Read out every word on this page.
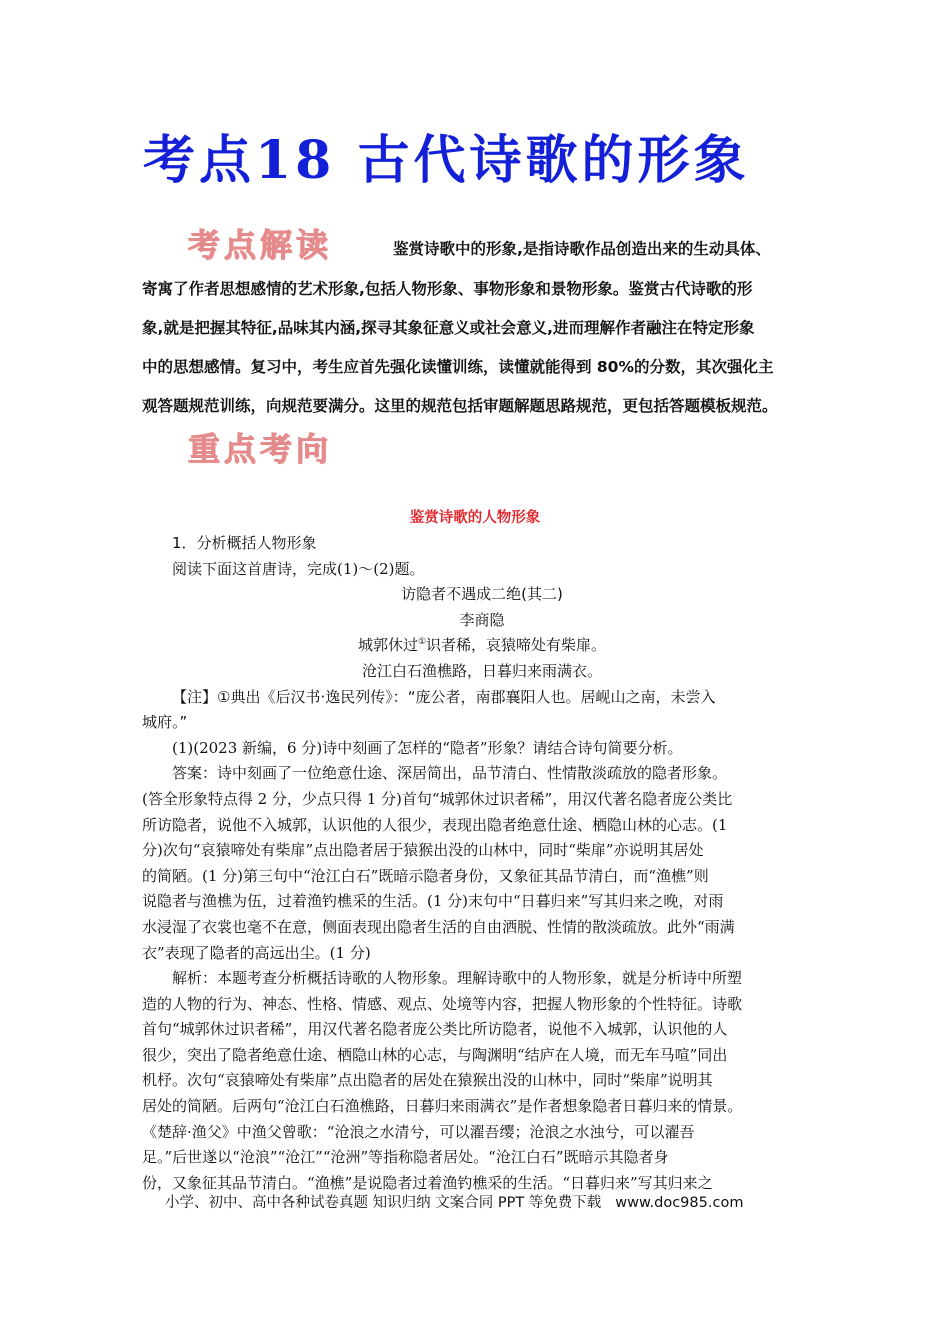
考点18 古代诗歌的形象
考点解读	鉴赏诗歌中的形象,是指诗歌作品创造出来的生动具体、

寄寓了作者思想感情的艺术形象,包括人物形象、事物形象和景物形象。鉴赏古代诗歌的形

象,就是把握其特征,品味其内涵,探寻其象征意义或社会意义,进而理解作者融注在特定形象

中的思想感情。复习中，考生应首先强化读懂训练，读懂就能得到 80%的分数，其次强化主

观答题规范训练，向规范要满分。这里的规范包括审题解题思路规范，更包括答题模板规范。

重点考向
鉴赏诗歌的人物形象

1．分析概括人物形象

阅读下面这首唐诗，完成(1)～(2)题。

访隐者不遇成二绝(其二)

李商隐

城郭休过①识者稀，哀猿啼处有柴扉。

沧江白石渔樵路，日暮归来雨满衣。

【注】①典出《后汉书·逸民列传》：“庞公者，南郡襄阳人也。居岘山之南，未尝入

城府。”

(1)(2023 新编，6 分)诗中刻画了怎样的“隐者”形象？请结合诗句简要分析。

答案：诗中刻画了一位绝意仕途、深居简出，品节清白、性情散淡疏放的隐者形象。

(答全形象特点得 2 分，少点只得 1 分)首句“城郭休过识者稀”，用汉代著名隐者庞公类比

所访隐者，说他不入城郭，认识他的人很少，表现出隐者绝意仕途、栖隐山林的心志。(1

分)次句“哀猿啼处有柴扉”点出隐者居于猿猴出没的山林中，同时“柴扉”亦说明其居处

的简陋。(1 分)第三句中“沧江白石”既暗示隐者身份，又象征其品节清白，而“渔樵”则

说隐者与渔樵为伍，过着渔钓樵采的生活。(1 分)末句中“日暮归来”写其归来之晚，对雨

水浸湿了衣裳也毫不在意，侧面表现出隐者生活的自由洒脱、性情的散淡疏放。此外“雨满

衣”表现了隐者的高远出尘。(1 分)

解析：本题考查分析概括诗歌的人物形象。理解诗歌中的人物形象，就是分析诗中所塑

造的人物的行为、神态、性格、情感、观点、处境等内容，把握人物形象的个性特征。诗歌

首句“城郭休过识者稀”，用汉代著名隐者庞公类比所访隐者，说他不入城郭，认识他的人

很少，突出了隐者绝意仕途、栖隐山林的心志，与陶渊明“结庐在人境，而无车马喧”同出

机杼。次句“哀猿啼处有柴扉”点出隐者的居处在猿猴出没的山林中，同时“柴扉”说明其

居处的简陋。后两句“沧江白石渔樵路，日暮归来雨满衣”是作者想象隐者日暮归来的情景。

《楚辞·渔父》中渔父曾歌：“沧浪之水清兮，可以濯吾缨；沧浪之水浊兮，可以濯吾

足。”后世遂以“沧浪”“沧江”“沧洲”等指称隐者居处。“沧江白石”既暗示其隐者身

份，又象征其品节清白。“渔樵”是说隐者过着渔钓樵采的生活。“日暮归来”写其归来之

小学、初中、高中各种试卷真题 知识归纳 文案合同 PPT 等免费下载 www.doc985.com
